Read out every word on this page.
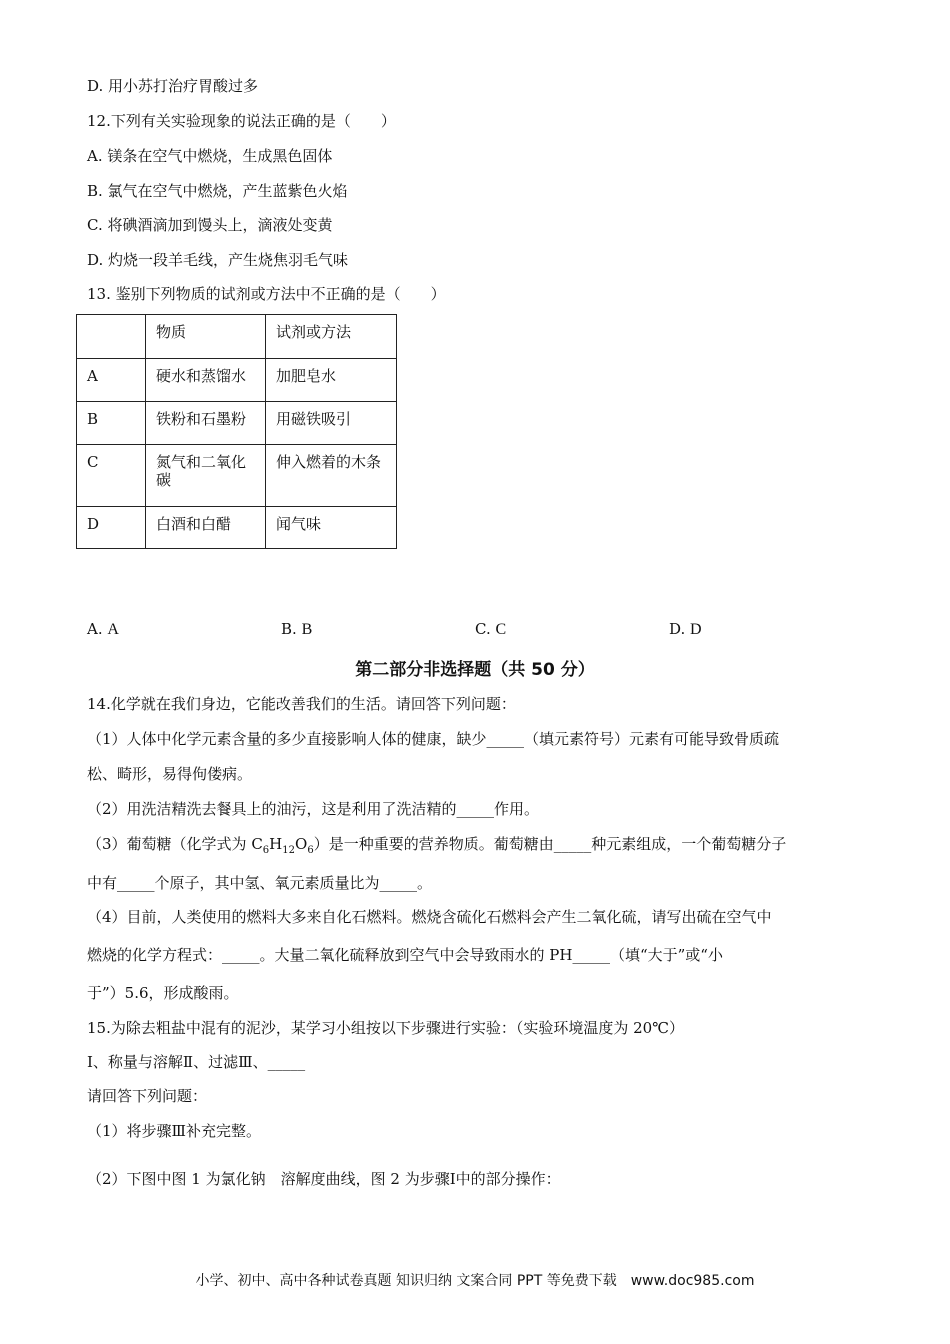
D. 用小苏打治疗胃酸过多
12.下列有关实验现象的说法正确的是（　　）
A. 镁条在空气中燃烧，生成黑色固体
B. 氯气在空气中燃烧，产生蓝紫色火焰
C. 将碘酒滴加到馒头上，滴液处变黄
D. 灼烧一段羊毛线，产生烧焦羽毛气味
13. 鉴别下列物质的试剂或方法中不正确的是（　　）
	物质	试剂或方法
A	硬水和蒸馏水	加肥皂水
B	铁粉和石墨粉	用磁铁吸引
C	氮气和二氧化碳	伸入燃着的木条
D	白酒和白醋	闻气味
A. A	B. B	C. C	D. D
第二部分非选择题（共 50 分）
14.化学就在我们身边，它能改善我们的生活。请回答下列问题：
（1）人体中化学元素含量的多少直接影响人体的健康，缺少_____（填元素符号）元素有可能导致骨质疏
松、畸形，易得佝偻病。
（2）用洗洁精洗去餐具上的油污，这是利用了洗洁精的_____作用。
（3）葡萄糖（化学式为 $C_6H_{12}O_6$）是一种重要的营养物质。葡萄糖由_____种元素组成，一个葡萄糖分子
中有_____个原子，其中氢、氧元素质量比为_____。
（4）目前，人类使用的燃料大多来自化石燃料。燃烧含硫化石燃料会产生二氧化硫，请写出硫在空气中
燃烧的化学方程式：_____。大量二氧化硫释放到空气中会导致雨水的 PH_____（填“大于”或“小
于”）5.6，形成酸雨。
15.为除去粗盐中混有的泥沙，某学习小组按以下步骤进行实验：（实验环境温度为 20℃）
Ⅰ、称量与溶解Ⅱ、过滤Ⅲ、_____
请回答下列问题：
（1）将步骤Ⅲ补充完整。
（2）下图中图 1 为氯化钠　溶解度曲线，图 2 为步骤Ⅰ中的部分操作：
小学、初中、高中各种试卷真题 知识归纳 文案合同 PPT 等免费下载　www.doc985.com
